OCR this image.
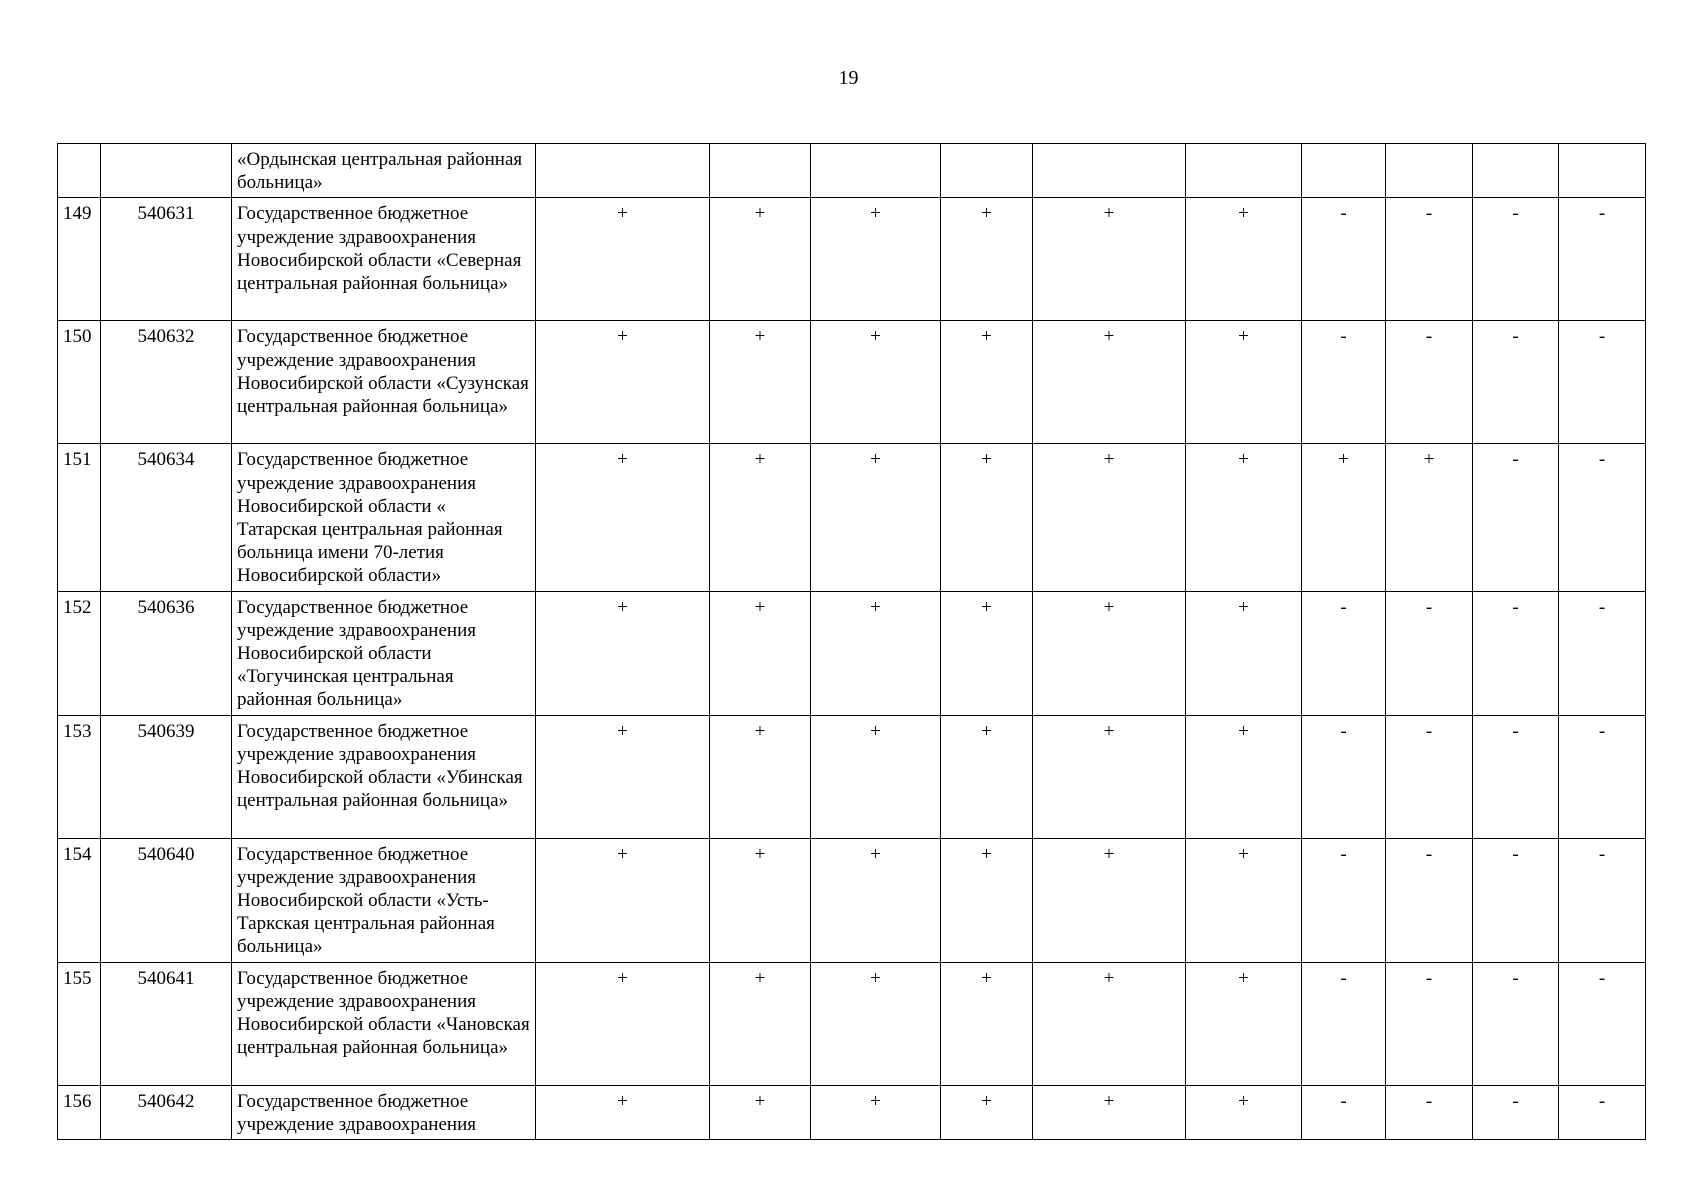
19
		«Ордынская центральная районная больница»										
149	540631	Государственное бюджетное учреждение здравоохранения Новосибирской области «Северная центральная районная больница»	+	+	+	+	+	+	-	-	-	-
150	540632	Государственное бюджетное учреждение здравоохранения Новосибирской области «Сузунская центральная районная больница»	+	+	+	+	+	+	-	-	-	-
151	540634	Государственное бюджетное учреждение здравоохранения Новосибирской области « Татарская центральная районная больница имени 70-летия Новосибирской области»	+	+	+	+	+	+	+	+	-	-
152	540636	Государственное бюджетное учреждение здравоохранения Новосибирской области «Тогучинская центральная районная больница»	+	+	+	+	+	+	-	-	-	-
153	540639	Государственное бюджетное учреждение здравоохранения Новосибирской области «Убинская центральная районная больница»	+	+	+	+	+	+	-	-	-	-
154	540640	Государственное бюджетное учреждение здравоохранения Новосибирской области «Усть-Таркская центральная районная больница»	+	+	+	+	+	+	-	-	-	-
155	540641	Государственное бюджетное учреждение здравоохранения Новосибирской области «Чановская центральная районная больница»	+	+	+	+	+	+	-	-	-	-
156	540642	Государственное бюджетное учреждение здравоохранения	+	+	+	+	+	+	-	-	-	-
